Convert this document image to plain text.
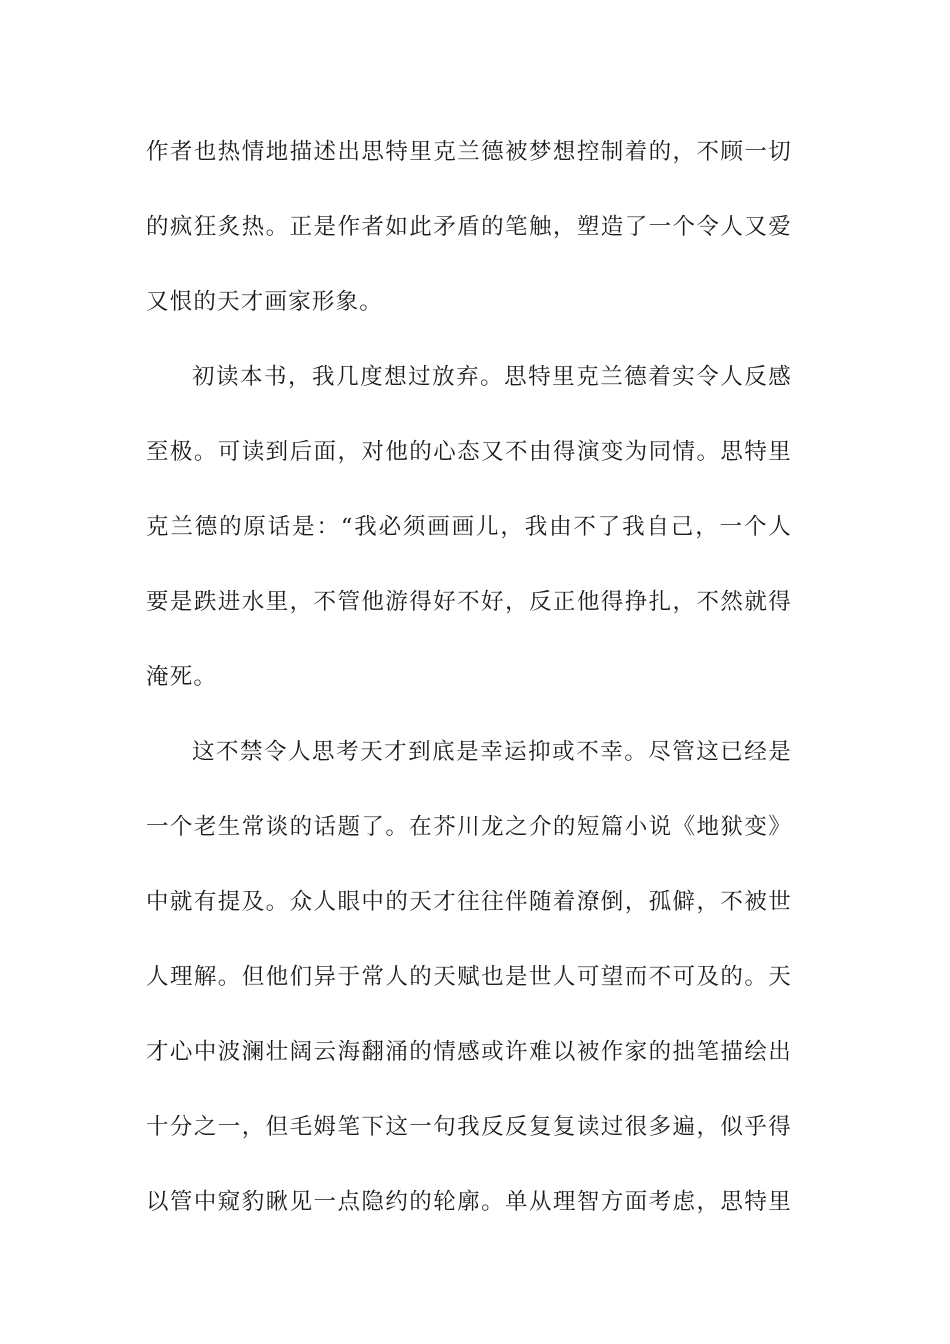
作者也热情地描述出思特里克兰德被梦想控制着的，不顾一切
的疯狂炙热。正是作者如此矛盾的笔触，塑造了一个令人又爱
又恨的天才画家形象。
初读本书，我几度想过放弃。思特里克兰德着实令人反感
至极。可读到后面，对他的心态又不由得演变为同情。思特里
克兰德的原话是：“我必须画画儿，我由不了我自己，一个人
要是跌进水里，不管他游得好不好，反正他得挣扎，不然就得
淹死。
这不禁令人思考天才到底是幸运抑或不幸。尽管这已经是
一个老生常谈的话题了。在芥川龙之介的短篇小说《地狱变》
中就有提及。众人眼中的天才往往伴随着潦倒，孤僻，不被世
人理解。但他们异于常人的天赋也是世人可望而不可及的。天
才心中波澜壮阔云海翻涌的情感或许难以被作家的拙笔描绘出
十分之一，但毛姆笔下这一句我反反复复读过很多遍，似乎得
以管中窥豹瞅见一点隐约的轮廓。单从理智方面考虑，思特里
